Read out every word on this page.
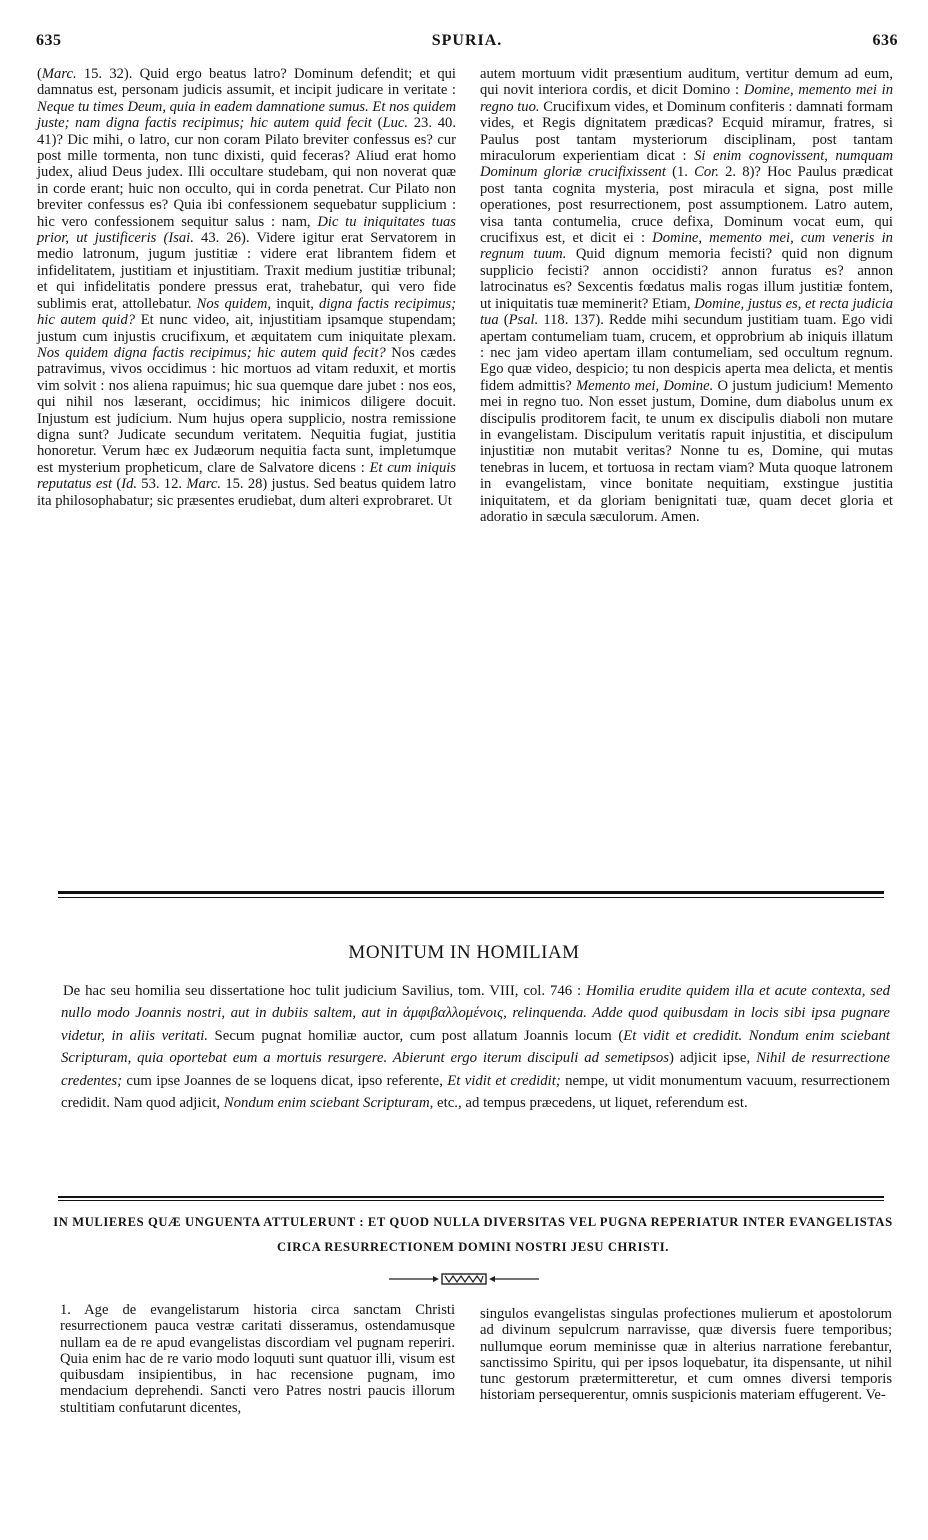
635	SPURIA.	636

(Marc. 15. 32). Quid ergo beatus latro? Dominum defendit; et qui damnatus est, personam judicis assumit, et incipit judicare in veritate : Neque tu times Deum, quia in eadem damnatione sumus. Et nos quidem juste; nam digna factis recipimus; hic autem quid fecit (Luc. 23. 40. 41)? Dic mihi, o latro, cur non coram Pilato breviter confessus es? cur post mille tormenta, non tunc dixisti, quid feceras? Aliud erat homo judex, aliud Deus judex. Illi occultare studebam, qui non noverat quæ in corde erant; huic non occulto, qui in corda penetrat. Cur Pilato non breviter confessus es? Quia ibi confessionem sequebatur supplicium : hic vero confessionem sequitur salus : nam, Dic tu iniquitates tuas prior, ut justificeris (Isai. 43. 26). Videre igitur erat Servatorem in medio latronum, jugum justitiæ : videre erat librantem fidem et infidelitatem, justitiam et injustitiam. Traxit medium justitiæ tribunal; et qui infidelitatis pondere pressus erat, trahebatur, qui vero fide sublimis erat, attollebatur. Nos quidem, inquit, digna factis recipimus; hic autem quid? Et nunc video, ait, injustitiam ipsamque stupendam; justum cum injustis crucifixum, et æquitatem cum iniquitate plexam. Nos quidem digna factis recipimus; hic autem quid fecit? Nos cædes patravimus, vivos occidimus : hic mortuos ad vitam reduxit, et mortis vim solvit : nos aliena rapuimus; hic sua quemque dare jubet : nos eos, qui nihil nos læserant, occidimus; hic inimicos diligere docuit. Injustum est judicium. Num hujus opera supplicio, nostra remissione digna sunt? Judicate secundum veritatem. Nequitia fugiat, justitia honoretur. Verum hæc ex Judæorum nequitia facta sunt, impletumque est mysterium propheticum, clare de Salvatore dicens : Et cum iniquis reputatus est (Id. 53. 12. Marc. 15. 28) justus. Sed beatus quidem latro ita philosophabatur; sic præsentes erudiebat, dum alteri exprobraret. Ut

autem mortuum vidit præsentium auditum, vertitur demum ad eum, qui novit interiora cordis, et dicit Domino : Domine, memento mei in regno tuo. Crucifixum vides, et Dominum confiteris : damnati formam vides, et Regis dignitatem prædicas? Ecquid miramur, fratres, si Paulus post tantam mysteriorum disciplinam, post tantam miraculorum experientiam dicat : Si enim cognovissent, numquam Dominum gloriæ crucifixissent (1. Cor. 2. 8)? Hoc Paulus prædicat post tanta cognita mysteria, post miracula et signa, post mille operationes, post resurrectionem, post assumptionem. Latro autem, visa tanta contumelia, cruce defixa, Dominum vocat eum, qui crucifixus est, et dicit ei : Domine, memento mei, cum veneris in regnum tuum. Quid dignum memoria fecisti? quid non dignum supplicio fecisti? annon occidisti? annon furatus es? annon latrocinatus es? Sexcentis fœdatus malis rogas illum justitiæ fontem, ut iniquitatis tuæ meminerit? Etiam, Domine, justus es, et recta judicia tua (Psal. 118. 137). Redde mihi secundum justitiam tuam. Ego vidi apertam contumeliam tuam, crucem, et opprobrium ab iniquis illatum : nec jam video apertam illam contumeliam, sed occultum regnum. Ego quæ video, despicio; tu non despicis aperta mea delicta, et mentis fidem admittis? Memento mei, Domine. O justum judicium! Memento mei in regno tuo. Non esset justum, Domine, dum diabolus unum ex discipulis proditorem facit, te unum ex discipulis diaboli non mutare in evangelistam. Discipulum veritatis rapuit injustitia, et discipulum injustitiæ non mutabit veritas? Nonne tu es, Domine, qui mutas tenebras in lucem, et tortuosa in rectam viam? Muta quoque latronem in evangelistam, vince bonitate nequitiam, exstingue justitia iniquitatem, et da gloriam benignitati tuæ, quam decet gloria et adoratio in sæcula sæculorum. Amen.

MONITUM IN HOMILIAM

De hac seu homilia seu dissertatione hoc tulit judicium Savilius, tom. VIII, col. 746 : Homilia erudite quidem illa et acute contexta, sed nullo modo Joannis nostri, aut in dubiis saltem, aut in ἀμφιβαλλομένοις, relinquenda. Adde quod quibusdam in locis sibi ipsa pugnare videtur, in aliis veritati. Secum pugnat homiliæ auctor, cum post allatum Joannis locum (Et vidit et credidit. Nondum enim sciebant Scripturam, quia oportebat eum a mortuis resurgere. Abierunt ergo iterum discipuli ad semetipsos) adjicit ipse, Nihil de resurrectione credentes; cum ipse Joannes de se loquens dicat, ipso referente, Et vidit et credidit; nempe, ut vidit monumentum vacuum, resurrectionem credidit. Nam quod adjicit, Nondum enim sciebant Scripturam, etc., ad tempus præcedens, ut liquet, referendum est.

IN MULIERES QUÆ UNGUENTA ATTULERUNT : ET QUOD NULLA DIVERSITAS VEL PUGNA REPERIATUR INTER EVANGELISTAS CIRCA RESURRECTIONEM DOMINI NOSTRI JESU CHRISTI.

1. Age de evangelistarum historia circa sanctam Christi resurrectionem pauca vestræ caritati disseramus, ostendamusque nullam ea de re apud evangelistas discordiam vel pugnam reperiri. Quia enim hac de re vario modo loquuti sunt quatuor illi, visum est quibusdam insipientibus, in hac recensione pugnam, imo mendacium deprehendi. Sancti vero Patres nostri paucis illorum stultitiam confutarunt dicentes,

singulos evangelistas singulas profectiones mulierum et apostolorum ad divinum sepulcrum narravisse, quæ diversis fuere temporibus; nullumque eorum meminisse quæ in alterius narratione ferebantur, sanctissimo Spiritu, qui per ipsos loquebatur, ita dispensante, ut nihil tunc gestorum prætermitteretur, et cum omnes diversi temporis historiam persequerentur, omnis suspicionis materiam effugerent. Ve-
